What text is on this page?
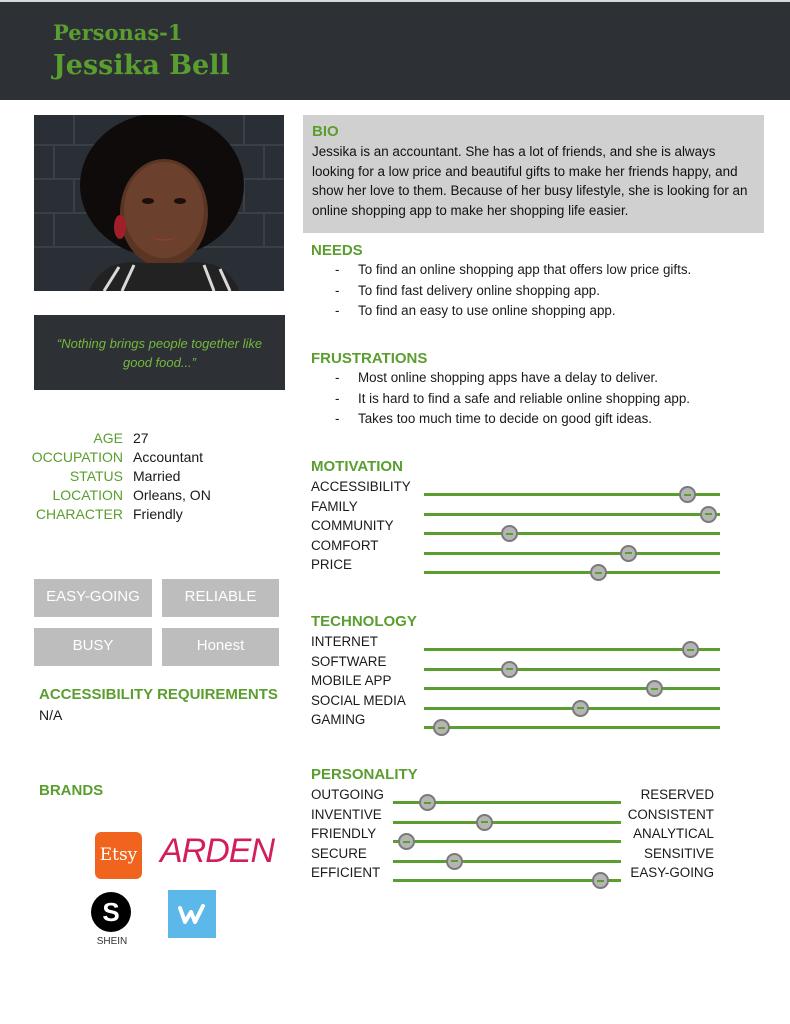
Personas-1
Jessika Bell
“Nothing brings people together like good food...”
AGE 27
OCCUPATION Accountant
STATUS Married
LOCATION Orleans, ON
CHARACTER Friendly
EASY-GOING	RELIABLE
BUSY	Honest
ACCESSIBILITY REQUIREMENTS
N/A
BRANDS
Etsy ARDEN
S
SHEIN
BIO
Jessika is an accountant. She has a lot of friends, and she is always looking for a low price and beautiful gifts to make her friends happy, and show her love to them. Because of her busy lifestyle, she is looking for an online shopping app to make her shopping life easier.
NEEDS
-	To find an online shopping app that offers low price gifts.
-	To find fast delivery online shopping app.
-	To find an easy to use online shopping app.
FRUSTRATIONS
-	Most online shopping apps have a delay to deliver.
-	It is hard to find a safe and reliable online shopping app.
-	Takes too much time to decide on good gift ideas.
MOTIVATION
ACCESSIBILITY
FAMILY
COMMUNITY
COMFORT
PRICE
TECHNOLOGY
INTERNET
SOFTWARE
MOBILE APP
SOCIAL MEDIA
GAMING
PERSONALITY
OUTGOING	RESERVED
INVENTIVE	CONSISTENT
FRIENDLY	ANALYTICAL
SECURE	SENSITIVE
EFFICIENT	EASY-GOING
